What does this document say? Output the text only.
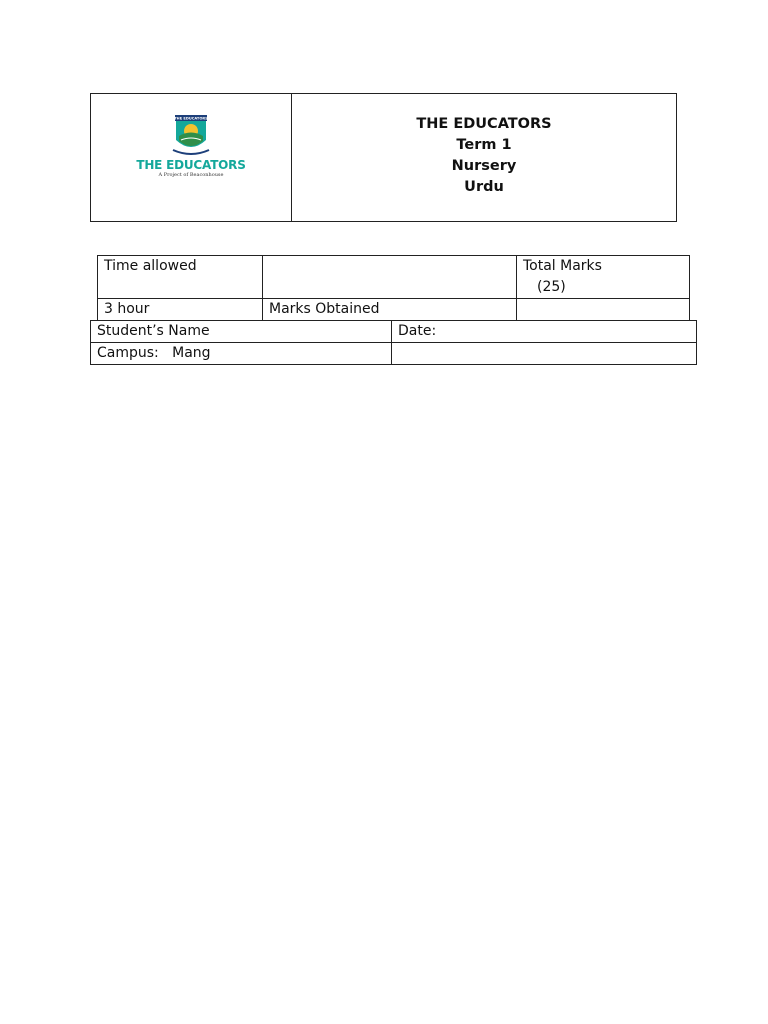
THE EDUCATORS
THE EDUCATORS
A Project of Beaconhouse
THE EDUCATORS
Term 1
Nursery
Urdu
Time allowed		Total Marks
(25)

3 hour	Marks Obtained	
Student’s Name	Date:
Campus:   Mang	
